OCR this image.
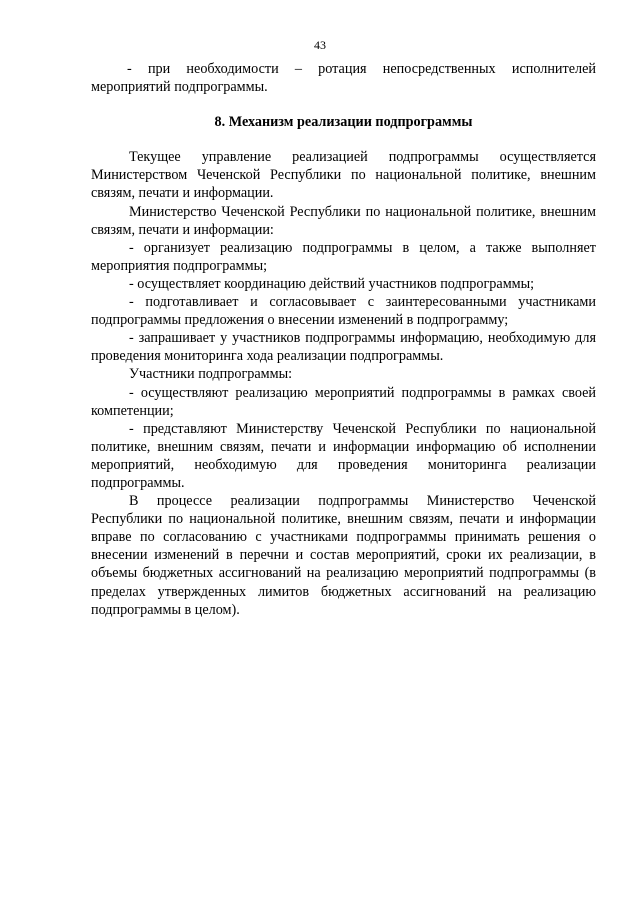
43

- при необходимости – ротация непосредственных исполнителей мероприятий подпрограммы.

8. Механизм реализации подпрограммы

Текущее управление реализацией подпрограммы осуществляется Министерством Чеченской Республики по национальной политике, внешним связям, печати и информации.

Министерство Чеченской Республики по национальной политике, внешним связям, печати и информации:

- организует реализацию подпрограммы в целом, а также выполняет мероприятия подпрограммы;

- осуществляет координацию действий участников подпрограммы;

- подготавливает и согласовывает с заинтересованными участниками подпрограммы предложения о внесении изменений в подпрограмму;

- запрашивает у участников подпрограммы информацию, необходимую для проведения мониторинга хода реализации подпрограммы.

Участники подпрограммы:

- осуществляют реализацию мероприятий подпрограммы в рамках своей компетенции;

- представляют Министерству Чеченской Республики по национальной политике, внешним связям, печати и информации информацию об исполнении мероприятий, необходимую для проведения мониторинга реализации подпрограммы.

В процессе реализации подпрограммы Министерство Чеченской Республики по национальной политике, внешним связям, печати и информации вправе по согласованию с участниками подпрограммы принимать решения о внесении изменений в перечни и состав мероприятий, сроки их реализации, в объемы бюджетных ассигнований на реализацию мероприятий подпрограммы (в пределах утвержденных лимитов бюджетных ассигнований на реализацию подпрограммы в целом).
